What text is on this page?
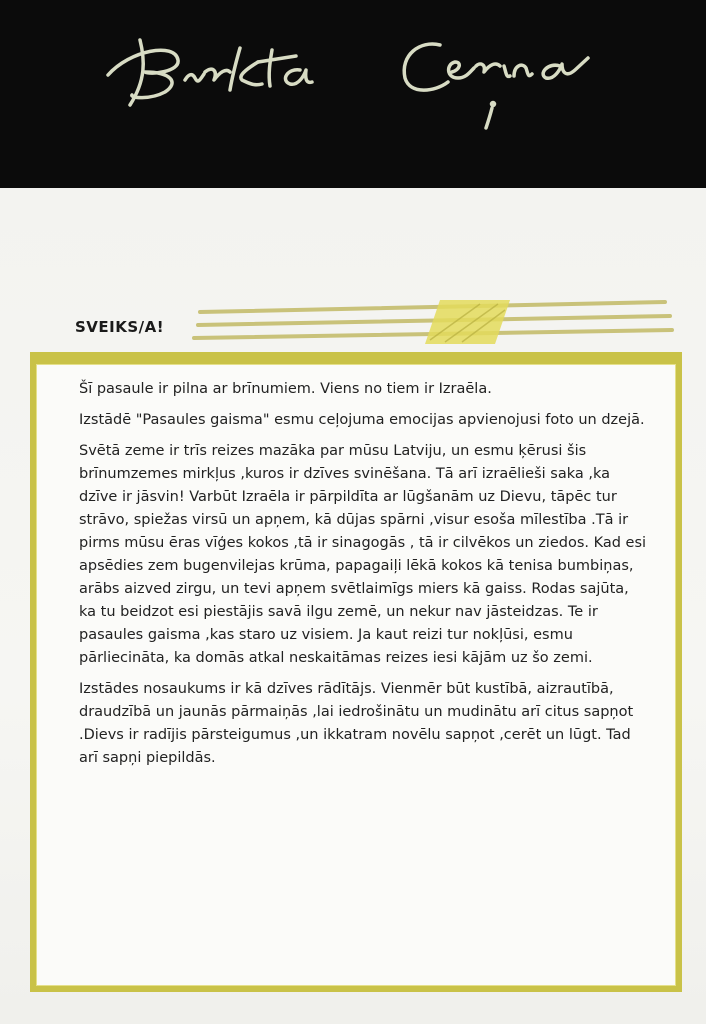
SVEIKS/A!

Šī pasaule ir pilna ar brīnumiem. Viens no tiem ir Izraēla.

Izstādē "Pasaules gaisma" esmu ceļojuma emocijas apvienojusi foto un dzejā.

Svētā zeme ir trīs reizes mazāka par mūsu Latviju, un esmu ķērusi šis brīnumzemes mirkļus ,kuros ir dzīves svinēšana. Tā arī izraēlieši saka ,ka dzīve ir jāsvin! Varbūt Izraēla ir pārpildīta ar lūgšanām uz Dievu, tāpēc tur strāvo, spiežas virsū un apņem, kā dūjas spārni ,visur esoša mīlestība .Tā ir pirms mūsu ēras vīģes kokos ,tā ir sinagogās , tā ir cilvēkos un ziedos. Kad esi apsēdies zem bugenvilejas krūma, papagaiļi lēkā kokos kā tenisa bumbiņas, arābs aizved zirgu, un tevi apņem svētlaimīgs miers kā gaiss. Rodas sajūta, ka tu beidzot esi piestājis savā ilgu zemē, un nekur nav jāsteidzas. Te ir pasaules gaisma ,kas staro uz visiem. Ja kaut reizi tur nokļūsi, esmu pārliecināta, ka domās atkal neskaitāmas reizes iesi kājām uz šo zemi.

Izstādes nosaukums ir kā dzīves rādītājs. Vienmēr būt kustībā, aizrautībā, draudzībā un jaunās pārmaiņās ,lai iedrošinātu un mudinātu arī citus sapņot .Dievs ir radījis pārsteigumus ,un ikkatram novēlu sapņot ,cerēt un lūgt. Tad arī sapņi piepildās.
